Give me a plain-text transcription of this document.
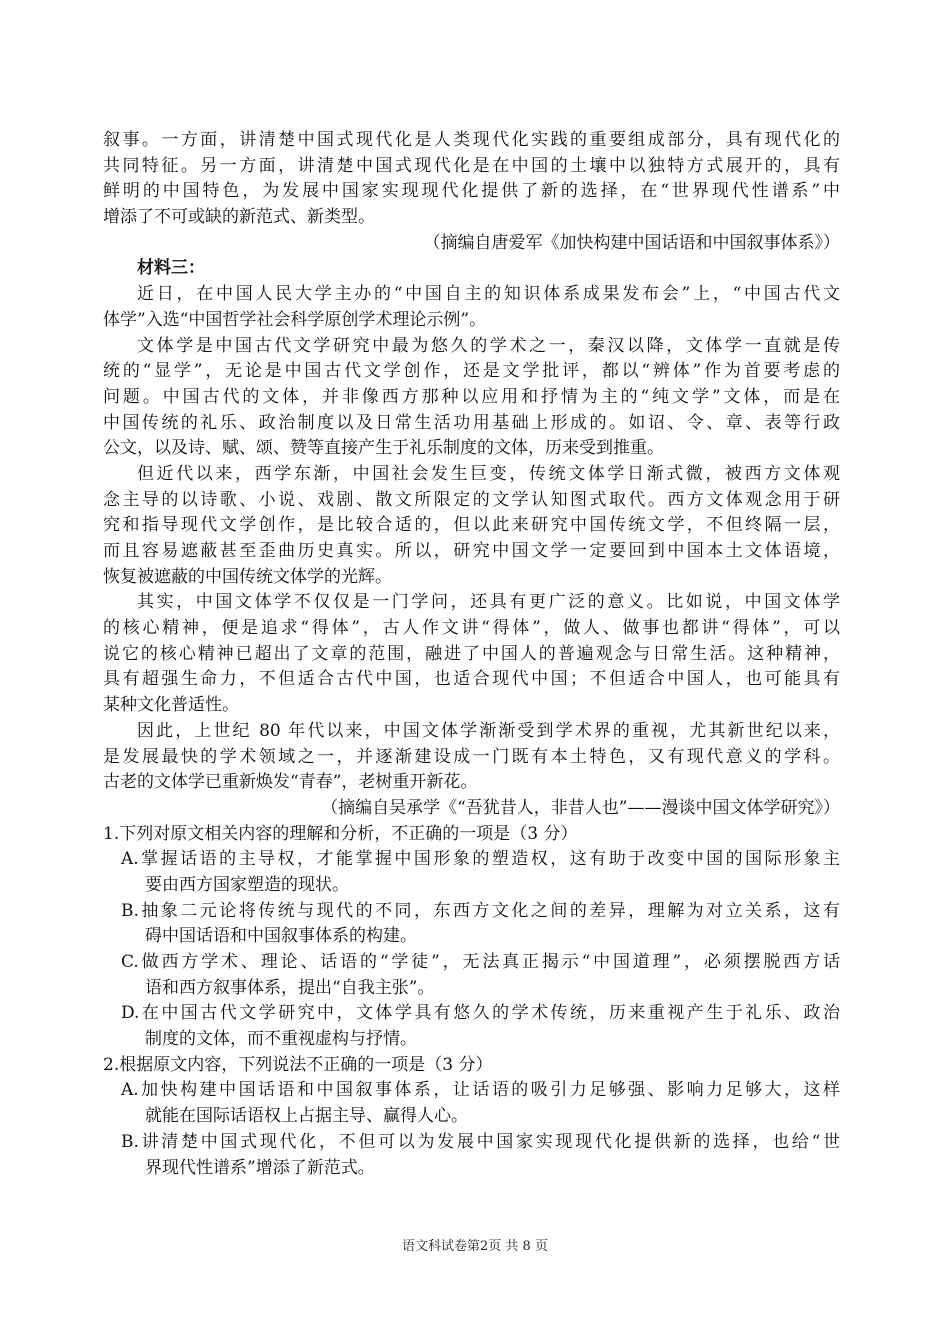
叙事。一方面，讲清楚中国式现代化是人类现代化实践的重要组成部分，具有现代化的
共同特征。另一方面，讲清楚中国式现代化是在中国的土壤中以独特方式展开的，具有
鲜明的中国特色，为发展中国家实现现代化提供了新的选择，在“世界现代性谱系”中
增添了不可或缺的新范式、新类型。
（摘编自唐爱军《加快构建中国话语和中国叙事体系》）
材料三：
近日，在中国人民大学主办的“中国自主的知识体系成果发布会”上，“中国古代文
体学”入选“中国哲学社会科学原创学术理论示例”。
文体学是中国古代文学研究中最为悠久的学术之一，秦汉以降，文体学一直就是传
统的“显学”，无论是中国古代文学创作，还是文学批评，都以“辨体”作为首要考虑的
问题。中国古代的文体，并非像西方那种以应用和抒情为主的“纯文学”文体，而是在
中国传统的礼乐、政治制度以及日常生活功用基础上形成的。如诏、令、章、表等行政
公文，以及诗、赋、颂、赞等直接产生于礼乐制度的文体，历来受到推重。
但近代以来，西学东渐，中国社会发生巨变，传统文体学日渐式微，被西方文体观
念主导的以诗歌、小说、戏剧、散文所限定的文学认知图式取代。西方文体观念用于研
究和指导现代文学创作，是比较合适的，但以此来研究中国传统文学，不但终隔一层，
而且容易遮蔽甚至歪曲历史真实。所以，研究中国文学一定要回到中国本土文体语境，
恢复被遮蔽的中国传统文体学的光辉。
其实，中国文体学不仅仅是一门学问，还具有更广泛的意义。比如说，中国文体学
的核心精神，便是追求“得体”，古人作文讲“得体”，做人、做事也都讲“得体”，可以
说它的核心精神已超出了文章的范围，融进了中国人的普遍观念与日常生活。这种精神，
具有超强生命力，不但适合古代中国，也适合现代中国；不但适合中国人，也可能具有
某种文化普适性。
因此，上世纪 80 年代以来，中国文体学渐渐受到学术界的重视，尤其新世纪以来，
是发展最快的学术领域之一，并逐渐建设成一门既有本土特色，又有现代意义的学科。
古老的文体学已重新焕发“青春”，老树重开新花。
（摘编自吴承学《“吾犹昔人，非昔人也”——漫谈中国文体学研究》）
1.下列对原文相关内容的理解和分析，不正确的一项是（3 分）
A.掌握话语的主导权，才能掌握中国形象的塑造权，这有助于改变中国的国际形象主
要由西方国家塑造的现状。
B.抽象二元论将传统与现代的不同，东西方文化之间的差异，理解为对立关系，这有
碍中国话语和中国叙事体系的构建。
C.做西方学术、理论、话语的“学徒”，无法真正揭示“中国道理”，必须摆脱西方话
语和西方叙事体系，提出“自我主张”。
D.在中国古代文学研究中，文体学具有悠久的学术传统，历来重视产生于礼乐、政治
制度的文体，而不重视虚构与抒情。
2.根据原文内容，下列说法不正确的一项是（3 分）
A.加快构建中国话语和中国叙事体系，让话语的吸引力足够强、影响力足够大，这样
就能在国际话语权上占据主导、赢得人心。
B.讲清楚中国式现代化，不但可以为发展中国家实现现代化提供新的选择，也给“世
界现代性谱系”增添了新范式。
语文科试卷第2页 共 8 页
